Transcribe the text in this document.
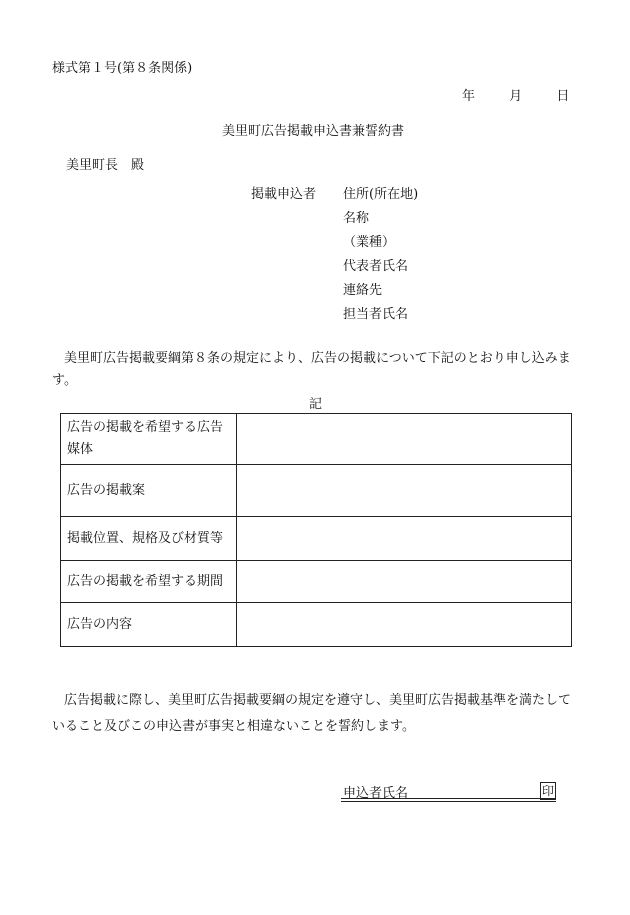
様式第１号(第８条関係)
年	月	日
美里町広告掲載申込書兼誓約書
美里町長　殿
掲載申込者 住所(所在地)
名称
（業種）
代表者氏名
連絡先
担当者氏名
美里町広告掲載要綱第８条の規定により、広告の掲載について下記のとおり申し込みます。
記
広告の掲載を希望する広告媒体	
広告の掲載案	
掲載位置、規格及び材質等	
広告の掲載を希望する期間	
広告の内容	
広告掲載に際し、美里町広告掲載要綱の規定を遵守し、美里町広告掲載基準を満たしていること及びこの申込書が事実と相違ないことを誓約します。
申込者氏名	印
